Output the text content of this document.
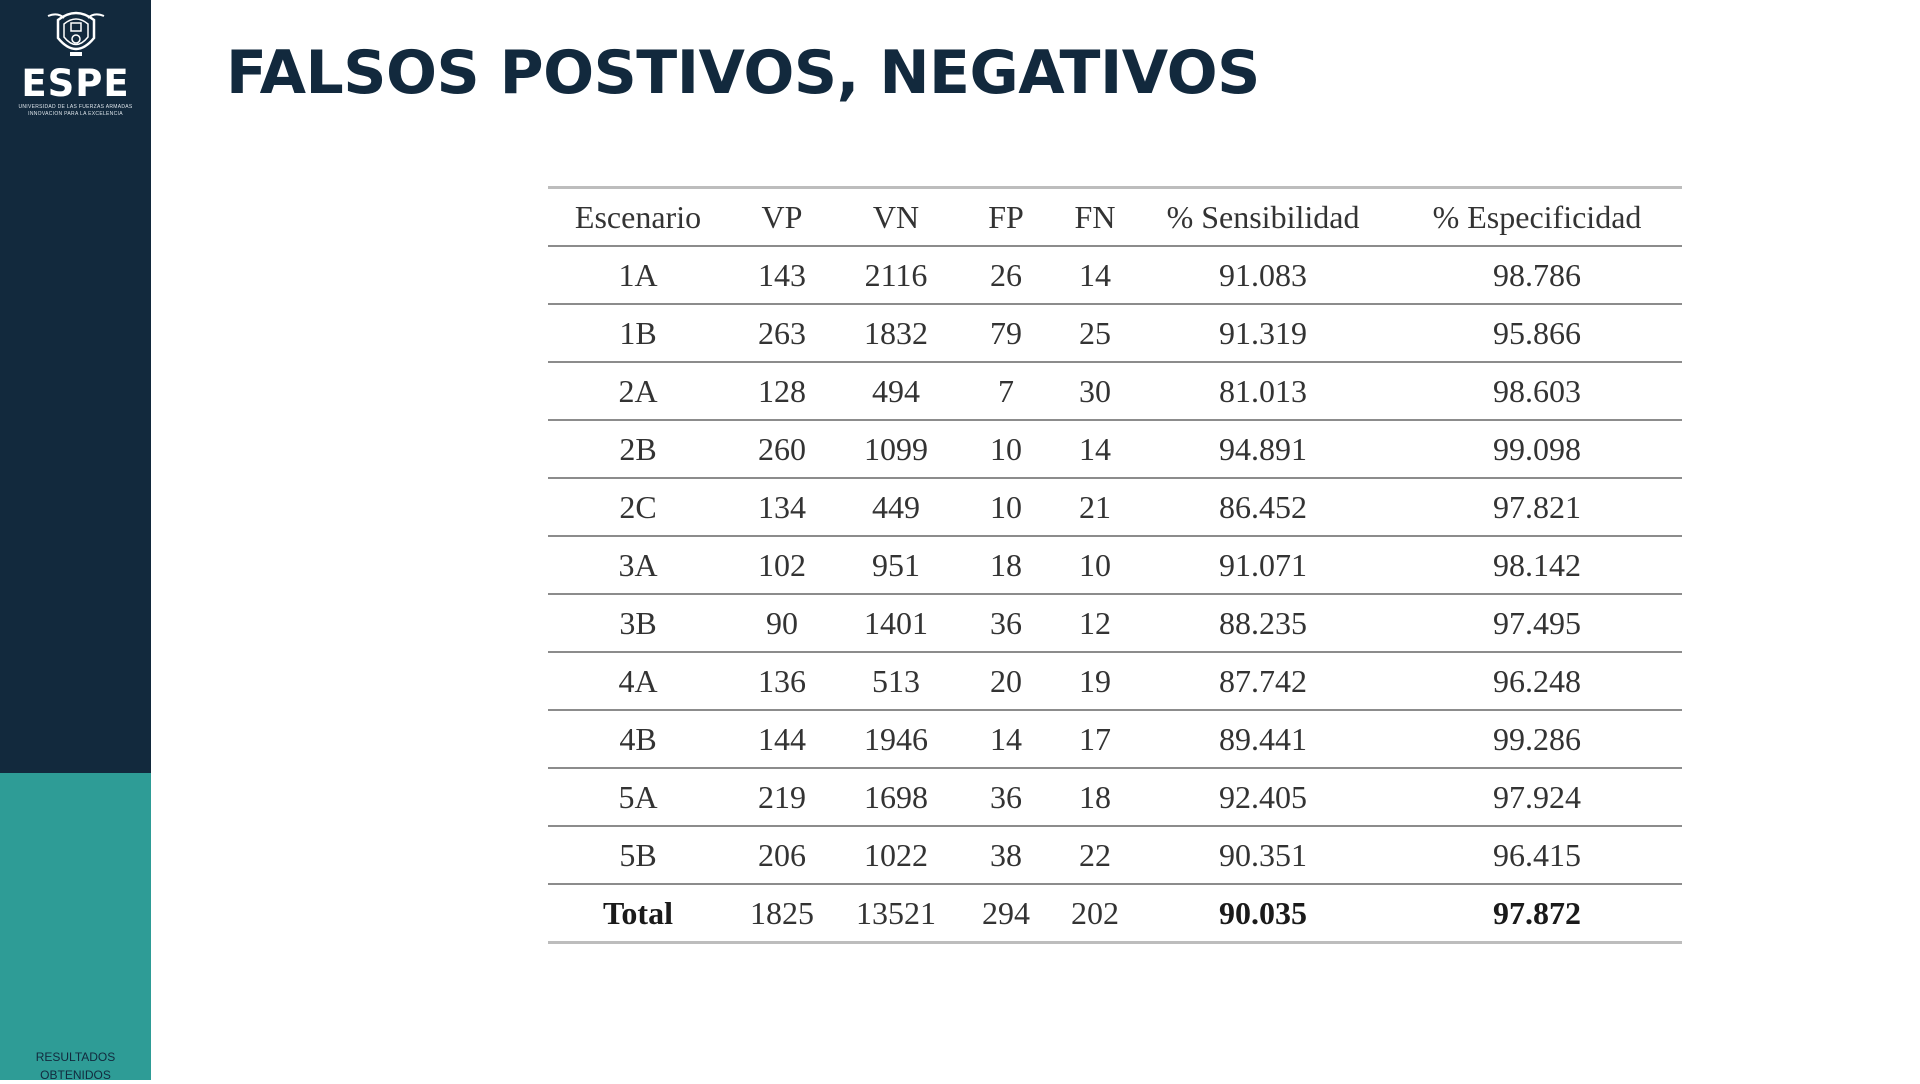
ESPE
UNIVERSIDAD DE LAS FUERZAS ARMADAS
INNOVACIÓN PARA LA EXCELENCIA
RESULTADOS OBTENIDOS
FALSOS POSTIVOS, NEGATIVOS
Escenario	VP	VN	FP	FN	% Sensibilidad	% Especificidad
1A	143	2116	26	14	91.083	98.786
1B	263	1832	79	25	91.319	95.866
2A	128	494	7	30	81.013	98.603
2B	260	1099	10	14	94.891	99.098
2C	134	449	10	21	86.452	97.821
3A	102	951	18	10	91.071	98.142
3B	90	1401	36	12	88.235	97.495
4A	136	513	20	19	87.742	96.248
4B	144	1946	14	17	89.441	99.286
5A	219	1698	36	18	92.405	97.924
5B	206	1022	38	22	90.351	96.415
Total	1825	13521	294	202	90.035	97.872
